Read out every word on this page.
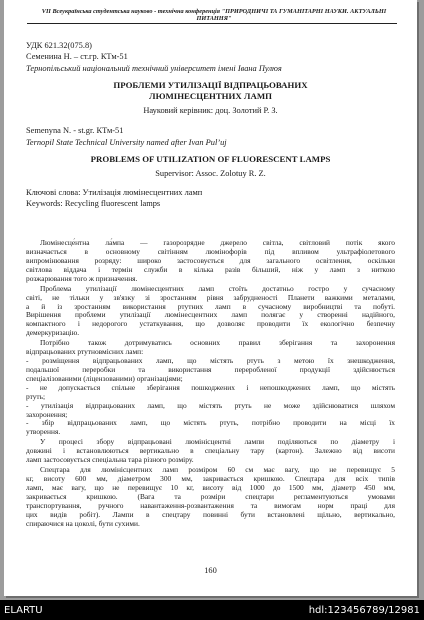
VII Всеукраїнська студентська науково - технічна конференція "ПРИРОДНИЧІ ТА ГУМАНІТАРНІ НАУКИ. АКТУАЛЬНІ ПИТАННЯ"
УДК 621.32(075.8)
Семенина Н. – ст.гр. КТм-51
Тернопільський національний технічний університет імені Івана Пулюя
ПРОБЛЕМИ УТИЛІЗАЦІЇ ВІДПРАЦЬОВАНИХ
ЛЮМІНЕСЦЕНТНИХ ЛАМП
Науковий керівник: доц. Золотий Р. З.
Semenyna N. - st.gr. КТм-51
Ternopil State Technical University named after Ivan Pul’uj
PROBLEMS OF UTILIZATION OF FLUORESCENT LAMPS
Supervisor: Assoc. Zolotuy R. Z.
Ключові слова: Утилізація люмінесцентних ламп
Keywords: Recycling fluorescent lamps
Люмінесце́нтна ла́мпа — газорозрядне джерело світла, світловий потік якого
визначається в основному світінням люмінофорів під впливом ультрафіолетового
випромінювання розряду: широко застосовується для загального освітлення, оскільки
світлова віддача і термін служби в кілька разів більший, ніж у ламп з ниткою
розжарювання того ж призначення.
Проблема утилізації люмінесцентних ламп стоїть достатньо гостро у сучасному
світі, не тільки у зв'язку зі зростанням рівня забрудненості Планети важкими металами,
а й із зростанням використання ртутних ламп в сучасному виробництві та побуті.
Вирішення проблеми утилізації люмінесцентних ламп полягає у створенні надійного,
компактного і недорогого устаткування, що дозволяє проводити їх екологічно безпечну
демеркуризацію.
Потрібно також дотримуватись основних правил зберігання та захоронення
відпрацьованих ртутновмісних ламп:
- розміщення відпрацьованих ламп, що містять ртуть з метою їх знешкодження,
подальшої переробки та використання переробленої продукції здійснюється
спеціалізованими (ліцензованими) організаціями;
- не допускається спільне зберігання пошкоджених і непошкоджених ламп, що містять
ртуть;
- утилізація відпрацьованих ламп, що містять ртуть не може здійснюватися шляхом
захоронення;
- збір відпрацьованих ламп, що містять ртуть, потрібно проводити на місці їх
утворення.
У процесі збору відпрацьовані люмінісцентні лампи поділяються по діаметру і
довжині і встановлюються вертикально в спеціальну тару (картон). Залежно від висоти
ламп застосовується спеціальна тара різного розміру.
Спецтара для люмінісцентних ламп розміром 60 см має вагу, що не перевищує 5
кг, висоту 600 мм, діаметром 300 мм, закривається кришкою. Спецтара для всіх типів
ламп, має вагу, що не перевищує 10 кг, висоту від 1000 до 1500 мм, діаметр 450 мм,
закривається кришкою. (Вага та розміри спецтари регламентуються умовами
транспортування, ручного навантаження-розвантаження та вимогам норм праці для
цих видів робіт). Лампи в спецтару повинні бути встановлені щільно, вертикально,
спираючися на цоколі, бути сухими.
160
ELARTU	hdl:123456789/12981
